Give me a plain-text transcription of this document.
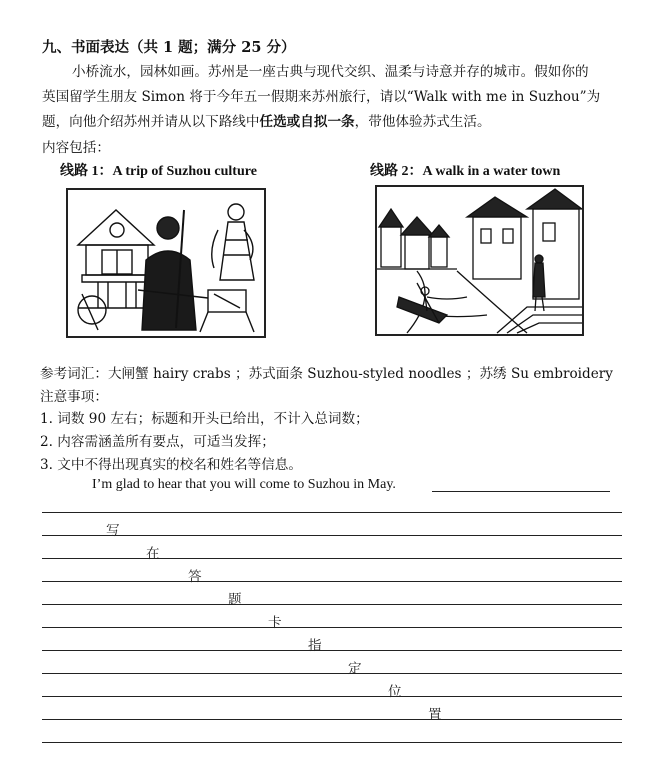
九、书面表达（共 1 题；满分 25 分）
小桥流水，园林如画。苏州是一座古典与现代交织、温柔与诗意并存的城市。假如你的
英国留学生朋友 Simon 将于今年五一假期来苏州旅行，请以“Walk with me in Suzhou”为
题，向他介绍苏州并请从以下路线中任选或自拟一条，带他体验苏式生活。
内容包括：
线路 1：A trip of Suzhou culture	线路 2：A walk in a water town
参考词汇：大闸蟹 hairy crabs ；苏式面条 Suzhou-styled noodles ；苏绣 Su embroidery
注意事项：
1. 词数 90 左右；标题和开头已给出，不计入总词数；
2. 内容需涵盖所有要点，可适当发挥；
3. 文中不得出现真实的校名和姓名等信息。
I’m glad to hear that you will come to Suzhou in May.
写
在
答
题
卡
指
定
位
置
